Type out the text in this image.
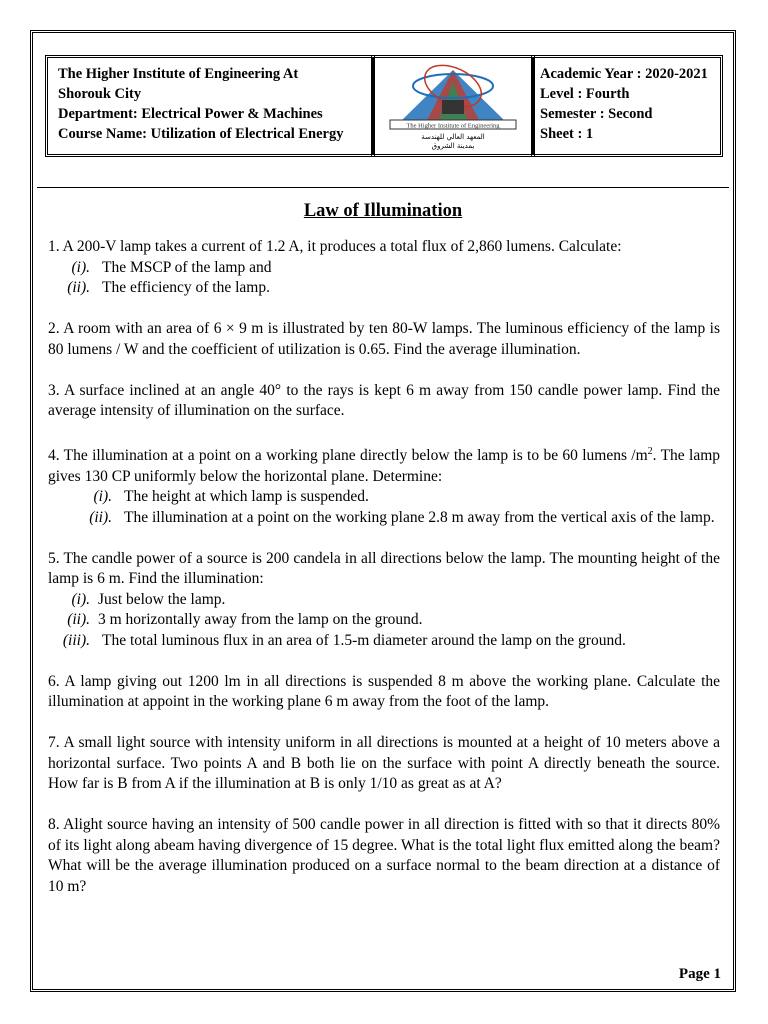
The Higher Institute of Engineering At
Shorouk City
Department: Electrical Power & Machines
Course Name: Utilization of Electrical Energy	The Higher Institute of Engineering
المعهد العالي للهندسة
بمدينة الشروق
Academic Year : 2020-2021
Level : Fourth
Semester : Second
Sheet : 1
Law of Illumination
1. A 200-V lamp takes a current of 1.2 A, it produces a total flux of 2,860 lumens. Calculate:
(i). The MSCP of the lamp and
(ii). The efficiency of the lamp.
2. A room with an area of 6 × 9 m is illustrated by ten 80-W lamps. The luminous efficiency of the lamp is 80 lumens / W and the coefficient of utilization is 0.65. Find the average illumination.
3. A surface inclined at an angle 40° to the rays is kept 6 m away from 150 candle power lamp. Find the average intensity of illumination on the surface.
4. The illumination at a point on a working plane directly below the lamp is to be 60 lumens $/m^2$. The lamp gives 130 CP uniformly below the horizontal plane. Determine:
(i). The height at which lamp is suspended.
(ii). The illumination at a point on the working plane 2.8 m away from the vertical axis of the lamp.
5. The candle power of a source is 200 candela in all directions below the lamp. The mounting height of the lamp is 6 m. Find the illumination:
(i). Just below the lamp.
(ii). 3 m horizontally away from the lamp on the ground.
(iii). The total luminous flux in an area of 1.5-m diameter around the lamp on the ground.
6. A lamp giving out 1200 lm in all directions is suspended 8 m above the working plane. Calculate the illumination at appoint in the working plane 6 m away from the foot of the lamp.
7. A small light source with intensity uniform in all directions is mounted at a height of 10 meters above a horizontal surface. Two points A and B both lie on the surface with point A directly beneath the source. How far is B from A if the illumination at B is only 1/10 as great as at A?
8. Alight source having an intensity of 500 candle power in all direction is fitted with so that it directs 80% of its light along abeam having divergence of 15 degree. What is the total light flux emitted along the beam? What will be the average illumination produced on a surface normal to the beam direction at a distance of 10 m?
Page 1
